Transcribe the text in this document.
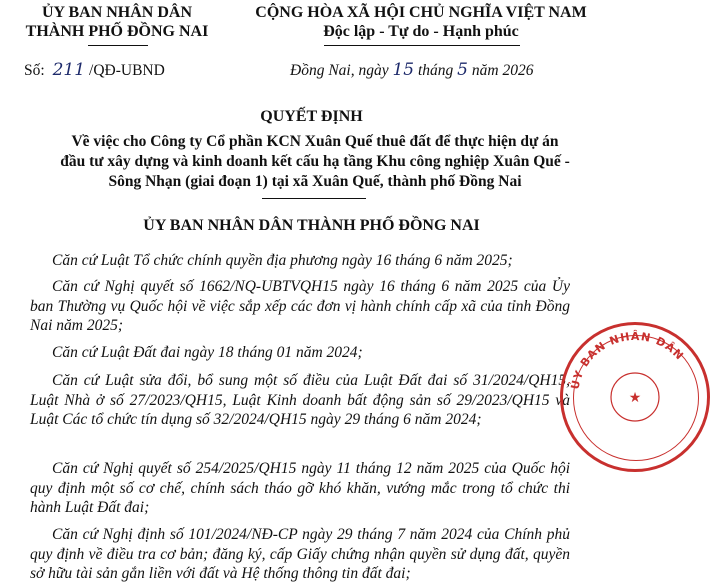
ỦY BAN NHÂN DÂN
THÀNH PHỐ ĐỒNG NAI
CỘNG HÒA XÃ HỘI CHỦ NGHĨA VIỆT NAM
Độc lập - Tự do - Hạnh phúc
Số: 211 /QĐ-UBND	Đồng Nai, ngày 15 tháng 5 năm 2026
QUYẾT ĐỊNH
Về việc cho Công ty Cổ phần KCN Xuân Quế thuê đất để thực hiện dự án
đầu tư xây dựng và kinh doanh kết cấu hạ tầng Khu công nghiệp Xuân Quế -
Sông Nhạn (giai đoạn 1) tại xã Xuân Quế, thành phố Đồng Nai
ỦY BAN NHÂN DÂN THÀNH PHỐ ĐỒNG NAI
Căn cứ Luật Tổ chức chính quyền địa phương ngày 16 tháng 6 năm 2025;
Căn cứ Nghị quyết số 1662/NQ-UBTVQH15 ngày 16 tháng 6 năm 2025 của Ủy ban Thường vụ Quốc hội về việc sắp xếp các đơn vị hành chính cấp xã của tỉnh Đồng Nai năm 2025;
Căn cứ Luật Đất đai ngày 18 tháng 01 năm 2024;
Căn cứ Luật sửa đổi, bổ sung một số điều của Luật Đất đai số 31/2024/QH15, Luật Nhà ở số 27/2023/QH15, Luật Kinh doanh bất động sản số 29/2023/QH15 và Luật Các tổ chức tín dụng số 32/2024/QH15 ngày 29 tháng 6 năm 2024;
Căn cứ Nghị quyết số 254/2025/QH15 ngày 11 tháng 12 năm 2025 của Quốc hội quy định một số cơ chế, chính sách tháo gỡ khó khăn, vướng mắc trong tổ chức thi hành Luật Đất đai;
Căn cứ Nghị định số 101/2024/NĐ-CP ngày 29 tháng 7 năm 2024 của Chính phủ quy định về điều tra cơ bản; đăng ký, cấp Giấy chứng nhận quyền sử dụng đất, quyền sở hữu tài sản gắn liền với đất và Hệ thống thông tin đất đai;
ỦY BAN NHÂN DÂN
★
